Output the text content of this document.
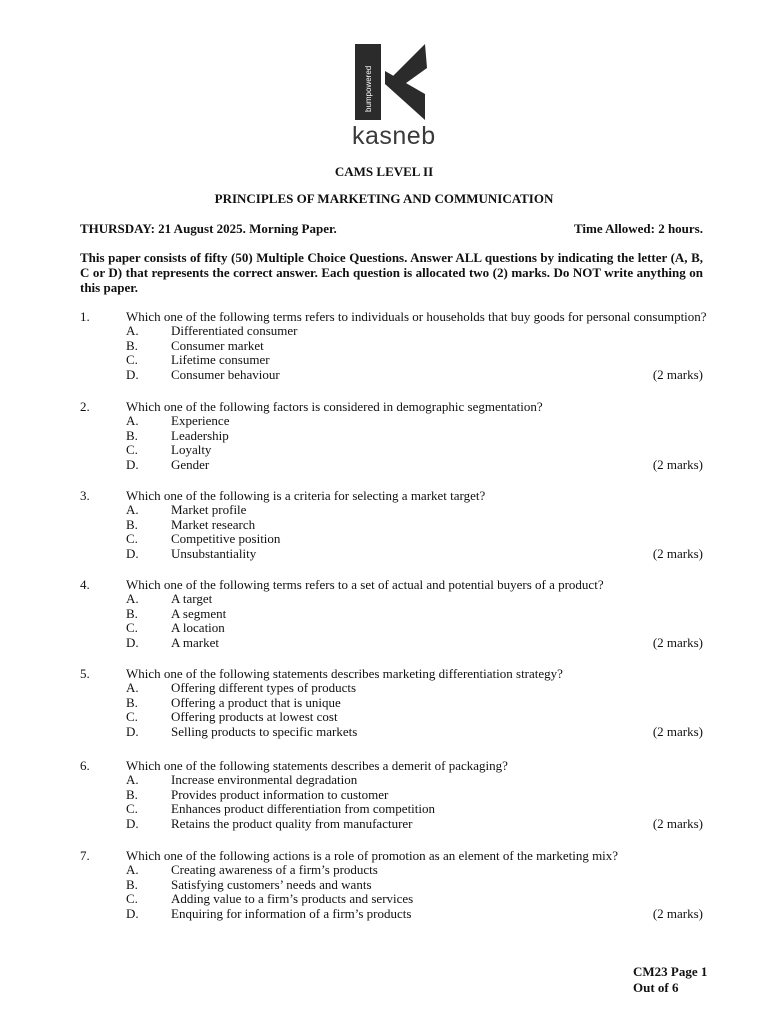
bumpowered
kasneb
CAMS LEVEL II
PRINCIPLES OF MARKETING AND COMMUNICATION
THURSDAY: 21 August 2025. Morning Paper.	Time Allowed: 2 hours.
This paper consists of fifty (50) Multiple Choice Questions. Answer ALL questions by indicating the letter (A, B, C or D) that represents the correct answer. Each question is allocated two (2) marks. Do NOT write anything on this paper.
1.	Which one of the following terms refers to individuals or households that buy goods for personal consumption?
A. Differentiated consumer
B.	Consumer market
C.	Lifetime consumer
D. Consumer behaviour	(2 marks)
2.	Which one of the following factors is considered in demographic segmentation?
A. Experience
B.	Leadership
C.	Loyalty
D. Gender	(2 marks)
3.	Which one of the following is a criteria for selecting a market target?
A. Market profile
B.	Market research
C.	Competitive position
D. Unsubstantiality	(2 marks)
4.	Which one of the following terms refers to a set of actual and potential buyers of a product?
A. A target
B.	A segment
C.	A location
D. A market	(2 marks)
5.	Which one of the following statements describes marketing differentiation strategy?
A. Offering different types of products
B.	Offering a product that is unique
C.	Offering products at lowest cost
D. Selling products to specific markets	(2 marks)
6.	Which one of the following statements describes a demerit of packaging?
A. Increase environmental degradation
B.	Provides product information to customer
C.	Enhances product differentiation from competition
D. Retains the product quality from manufacturer	(2 marks)
7.	Which one of the following actions is a role of promotion as an element of the marketing mix?
A. Creating awareness of a firm’s products
B.	Satisfying customers’ needs and wants
C.	Adding value to a firm’s products and services
D. Enquiring for information of a firm’s products	(2 marks)
CM23 Page 1
Out of 6
